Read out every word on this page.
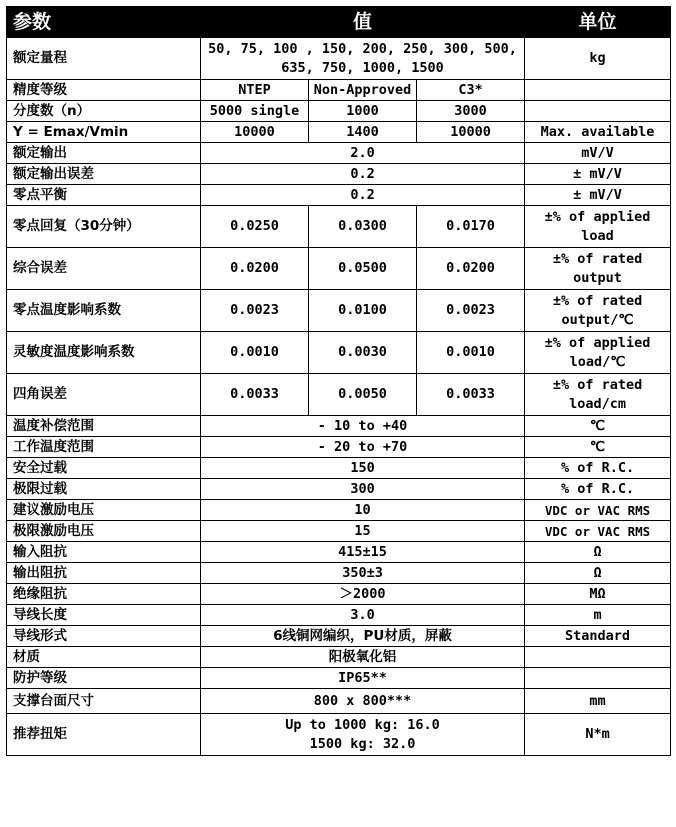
参数	值			单位
额定量程	50, 75, 100 , 150, 200, 250, 300, 500,
635, 750, 1000, 1500			kg
精度等级	NTEP	Non-Approved	C3*	
分度数（n）	5000 single	1000	3000	
Y = Emax/Vmin	10000	1400	10000	Max. available
额定输出	2.0			mV/V
额定输出误差	0.2			± mV/V
零点平衡	0.2			± mV/V
零点回复（30分钟）	0.0250	0.0300	0.0170	±% of applied
load

综合误差	0.0200	0.0500	0.0200	±% of rated
output

零点温度影响系数	0.0023	0.0100	0.0023	±% of rated
output/℃

灵敏度温度影响系数	0.0010	0.0030	0.0010	±% of applied
load/℃

四角误差	0.0033	0.0050	0.0033	±% of rated
load/cm

温度补偿范围	- 10 to +40			℃
工作温度范围	- 20 to +70			℃
安全过载	150			% of R.C.
极限过载	300			% of R.C.
建议激励电压	10			VDC or VAC RMS
极限激励电压	15			VDC or VAC RMS
输入阻抗	415±15			Ω
输出阻抗	350±3			Ω
绝缘阻抗	＞2000			MΩ
导线长度	3.0			m
导线形式	6线铜网编织，PU材质，屏蔽			Standard
材质	阳极氧化铝			
防护等级	IP65**			
支撑台面尺寸	800 x 800***			mm
推荐扭矩	Up to 1000 kg: 16.0
1500 kg: 32.0			N*m
